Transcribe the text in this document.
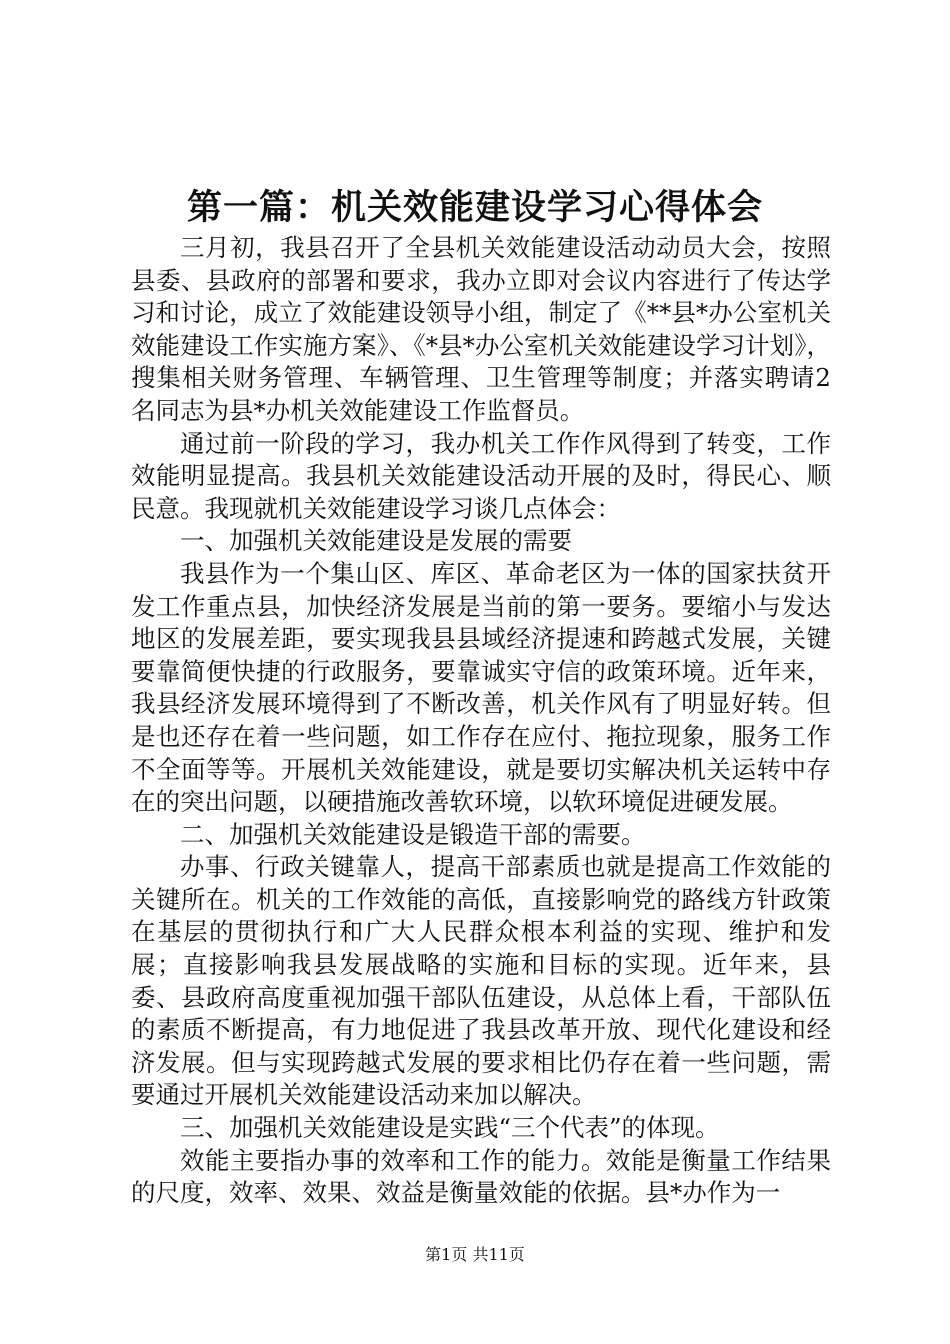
第一篇：机关效能建设学习心得体会

三月初，我县召开了全县机关效能建设活动动员大会，按照县委、县政府的部署和要求，我办立即对会议内容进行了传达学习和讨论，成立了效能建设领导小组，制定了《**县*办公室机关效能建设工作实施方案》、《*县*办公室机关效能建设学习计划》，搜集相关财务管理、车辆管理、卫生管理等制度；并落实聘请2名同志为县*办机关效能建设工作监督员。

通过前一阶段的学习，我办机关工作作风得到了转变，工作效能明显提高。我县机关效能建设活动开展的及时，得民心、顺民意。我现就机关效能建设学习谈几点体会：

一、加强机关效能建设是发展的需要

我县作为一个集山区、库区、革命老区为一体的国家扶贫开发工作重点县，加快经济发展是当前的第一要务。要缩小与发达地区的发展差距，要实现我县县域经济提速和跨越式发展，关键要靠简便快捷的行政服务，要靠诚实守信的政策环境。近年来，我县经济发展环境得到了不断改善，机关作风有了明显好转。但是也还存在着一些问题，如工作存在应付、拖拉现象，服务工作不全面等等。开展机关效能建设，就是要切实解决机关运转中存在的突出问题，以硬措施改善软环境，以软环境促进硬发展。

二、加强机关效能建设是锻造干部的需要。

办事、行政关键靠人，提高干部素质也就是提高工作效能的关键所在。机关的工作效能的高低，直接影响党的路线方针政策在基层的贯彻执行和广大人民群众根本利益的实现、维护和发展；直接影响我县发展战略的实施和目标的实现。近年来，县委、县政府高度重视加强干部队伍建设，从总体上看，干部队伍的素质不断提高，有力地促进了我县改革开放、现代化建设和经济发展。但与实现跨越式发展的要求相比仍存在着一些问题，需要通过开展机关效能建设活动来加以解决。

三、加强机关效能建设是实践“三个代表”的体现。

效能主要指办事的效率和工作的能力。效能是衡量工作结果的尺度，效率、效果、效益是衡量效能的依据。县*办作为一

第1页 共11页
